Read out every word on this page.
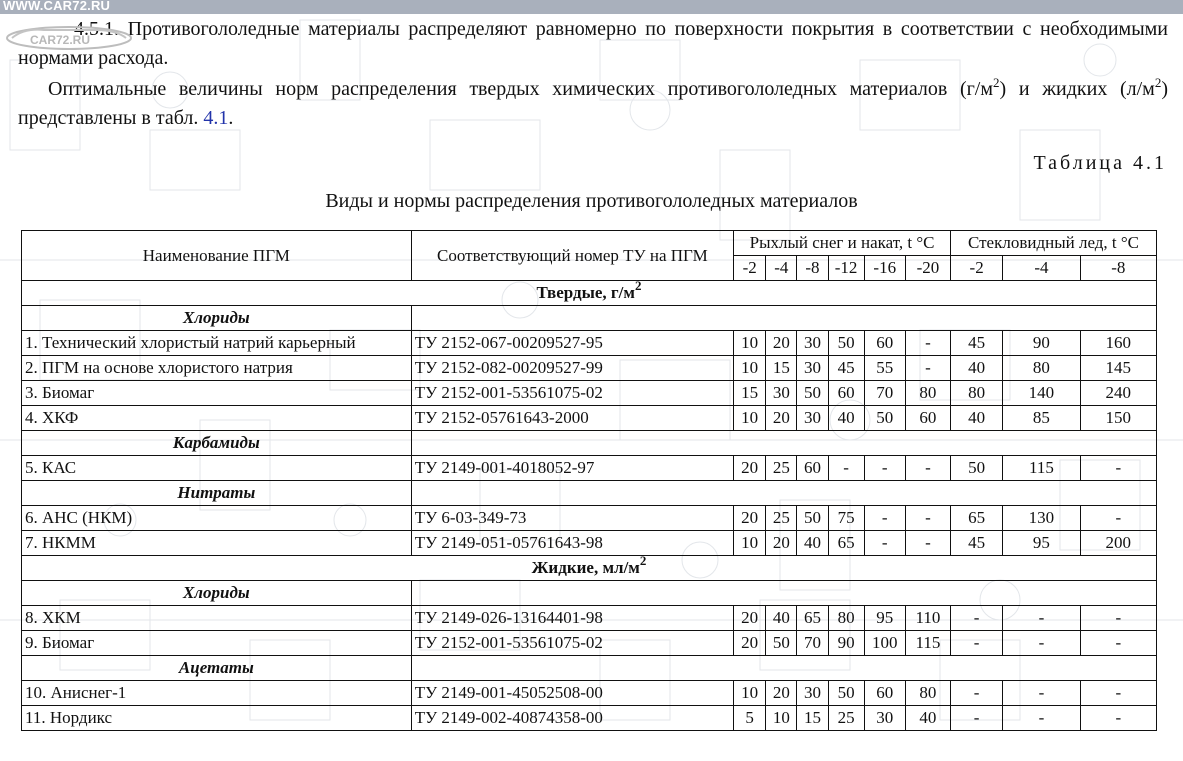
WWW.CAR72.RU
CAR72.RU

4.5.1. Противогололедные материалы распределяют равномерно по поверхности покрытия в соответствии с необходимыми нормами расхода.

Оптимальные величины норм распределения твердых химических противогололедных материалов $(г/м^2)$ и жидких $(л/м^2)$ представлены в табл. 4.1.

Таблица 4.1
Виды и нормы распределения противогололедных материалов
Наименование ПГМ	Соответствующий номер ТУ на ПГМ	Рыхлый снег и накат, t °C						Стекловидный лед, t °C		
		-2	-4	-8	-12	-16	-20	-2	-4	-8
Твердые, $г/м^2$
Хлориды										
1. Технический хлористый натрий карьерный	ТУ 2152-067-00209527-95	10	20	30	50	60	-	45	90	160
2. ПГМ на основе хлористого натрия	ТУ 2152-082-00209527-99	10	15	30	45	55	-	40	80	145
3. Биомаг	ТУ 2152-001-53561075-02	15	30	50	60	70	80	80	140	240
4. ХКФ	ТУ 2152-05761643-2000	10	20	30	40	50	60	40	85	150
Карбамиды										
5. КАС	ТУ 2149-001-4018052-97	20	25	60	-	-	-	50	115	-
Нитраты										
6. АНС (НКМ)	ТУ 6-03-349-73	20	25	50	75	-	-	65	130	-
7. НКММ	ТУ 2149-051-05761643-98	10	20	40	65	-	-	45	95	200
Жидкие, $мл/м^2$
Хлориды										
8. ХКМ	ТУ 2149-026-13164401-98	20	40	65	80	95	110	-	-	-
9. Биомаг	ТУ 2152-001-53561075-02	20	50	70	90	100	115	-	-	-
Ацетаты										
10. Аниснег-1	ТУ 2149-001-45052508-00	10	20	30	50	60	80	-	-	-
11. Нордикс	ТУ 2149-002-40874358-00	5	10	15	25	30	40	-	-	-
